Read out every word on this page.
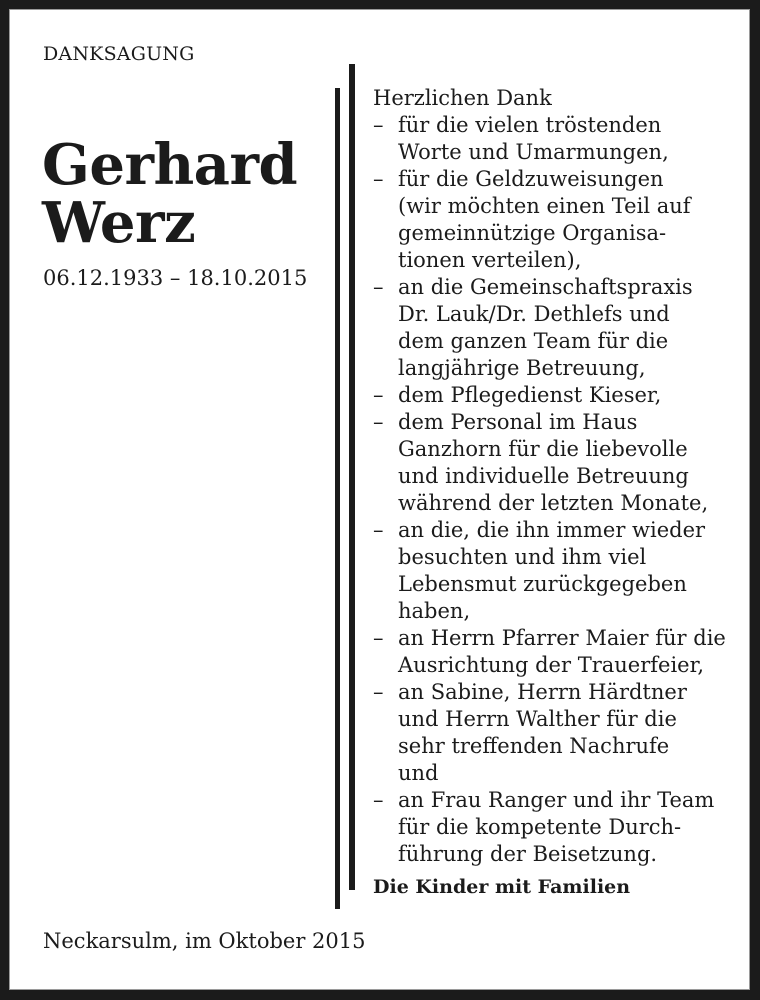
DANKSAGUNG
Gerhard
Werz
06.12.1933 – 18.10.2015
Herzlichen Dank
– für die vielen tröstenden
Worte und Umarmungen,
– für die Geldzuweisungen
(wir möchten einen Teil auf
gemeinnützige Organisa-
tionen verteilen),
– an die Gemeinschaftspraxis
Dr. Lauk/Dr. Dethlefs und
dem ganzen Team für die
langjährige Betreuung,
– dem Pflegedienst Kieser,
– dem Personal im Haus
Ganzhorn für die liebevolle
und individuelle Betreuung
während der letzten Monate,
– an die, die ihn immer wieder
besuchten und ihm viel
Lebensmut zurückgegeben
haben,
– an Herrn Pfarrer Maier für die
Ausrichtung der Trauerfeier,
– an Sabine, Herrn Härdtner
und Herrn Walther für die
sehr treffenden Nachrufe
und
– an Frau Ranger und ihr Team
für die kompetente Durch-
führung der Beisetzung.
Die Kinder mit Familien
Neckarsulm, im Oktober 2015
